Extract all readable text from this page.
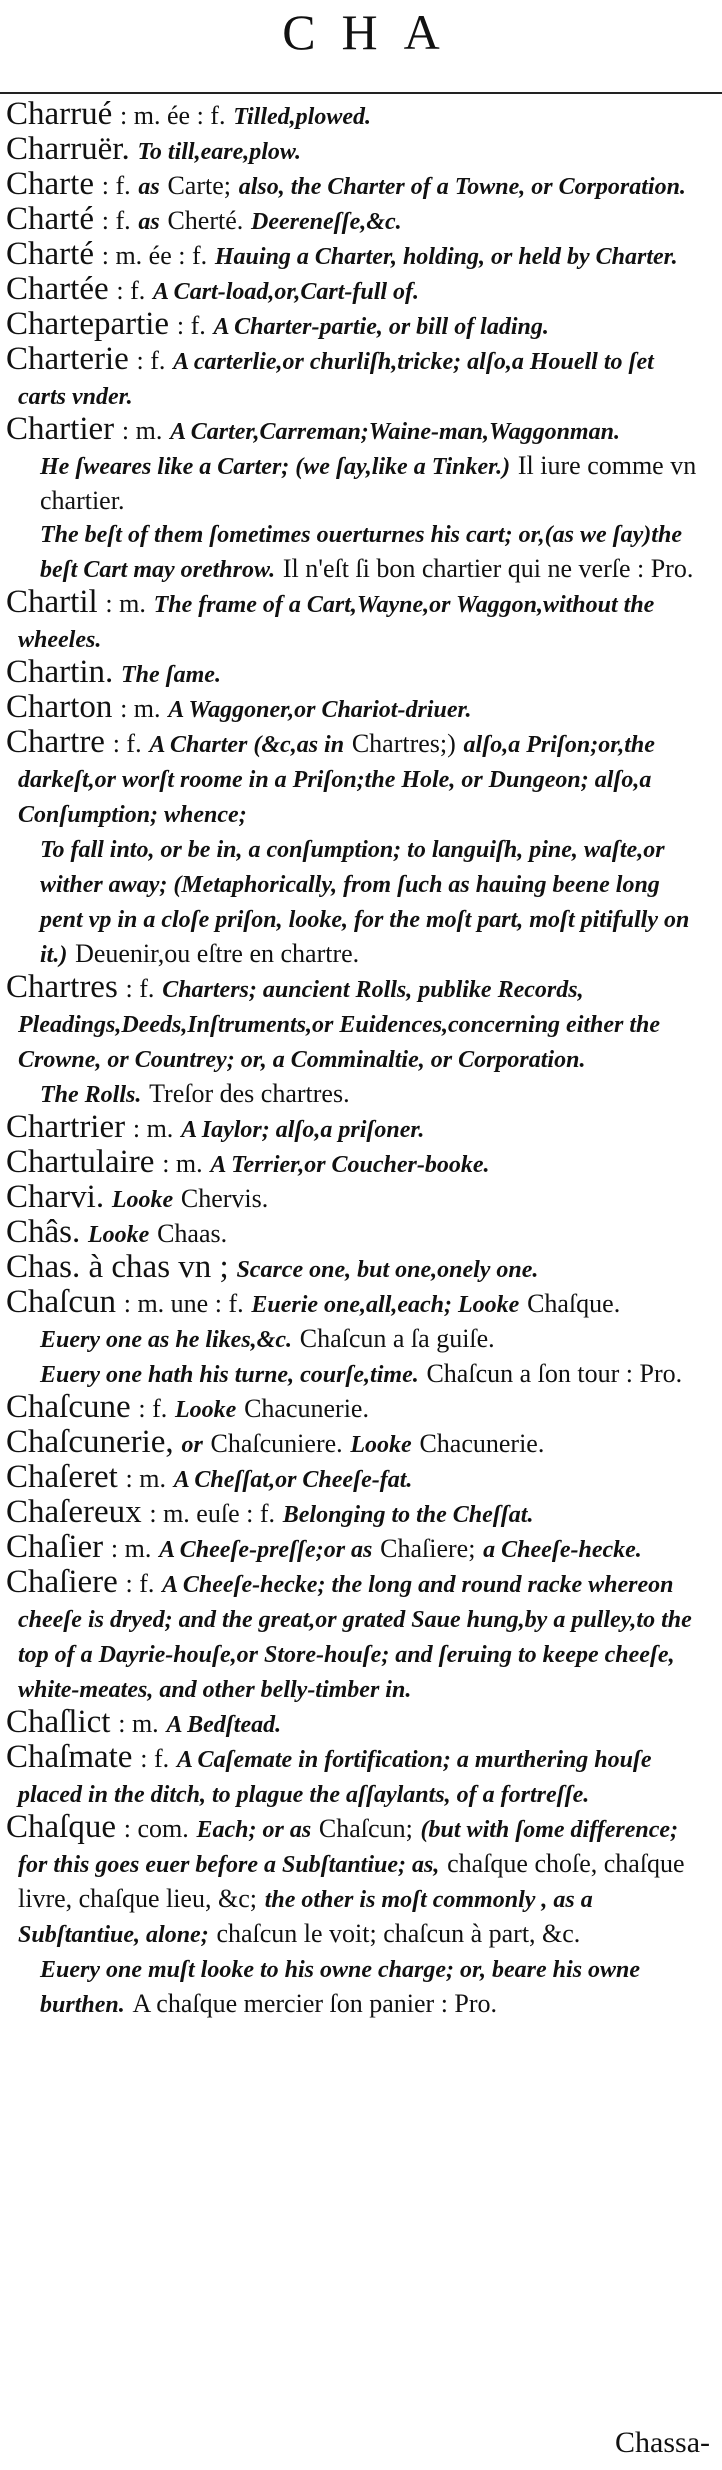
CHA

Charrué : m. ée : f. Tilled,plowed.

Charruër. To till,eare,plow.

Charte : f. as Carte; also, the Charter of a Towne, or Corporation.

Charté : f. as Cherté. Deereneſſe,&c.

Charté : m. ée : f. Hauing a Charter, holding, or held by Charter.

Chartée : f. A Cart-load,or,Cart-full of.

Chartepartie : f. A Charter-partie, or bill of lading.

Charterie : f. A carterlie,or churliſh,tricke; alſo,a Houell to ſet carts vnder.

Chartier : m. A Carter,Carreman;Waine-man,Waggonman.

He ſweares like a Carter; (we ſay,like a Tinker.) Il iure comme vn chartier.

The beſt of them ſometimes ouerturnes his cart; or,(as we ſay)the beſt Cart may orethrow. Il n'eſt ſi bon chartier qui ne verſe : Pro.

Chartil : m. The frame of a Cart,Wayne,or Waggon,without the wheeles.

Chartin. The ſame.

Charton : m. A Waggoner,or Chariot-driuer.

Chartre : f. A Charter (&c,as in Chartres;) alſo,a Priſon;or,the darkeſt,or worſt roome in a Priſon;the Hole, or Dungeon; alſo,a Conſumption; whence;

To fall into, or be in, a conſumption; to languiſh, pine, waſte,or wither away; (Metaphorically, from ſuch as hauing beene long pent vp in a cloſe priſon, looke, for the moſt part, moſt pitifully on it.) Deuenir,ou eſtre en chartre.

Chartres : f. Charters; auncient Rolls, publike Records, Pleadings,Deeds,Inſtruments,or Euidences,concerning either the Crowne, or Countrey; or, a Comminaltie, or Corporation.

The Rolls. Treſor des chartres.

Chartrier : m. A Iaylor; alſo,a priſoner.

Chartulaire : m. A Terrier,or Coucher-booke.

Charvi. Looke Chervis.

Châs. Looke Chaas.

Chas. à chas vn ; Scarce one, but one,onely one.

Chaſcun : m. une : f. Euerie one,all,each; Looke Chaſque.

Euery one as he likes,&c. Chaſcun a ſa guiſe.

Euery one hath his turne, courſe,time. Chaſcun a ſon tour : Pro.

Chaſcune : f. Looke Chacunerie.

Chaſcunerie, or Chaſcuniere. Looke Chacunerie.

Chaſeret : m. A Cheſſat,or Cheeſe-fat.

Chaſereux : m. euſe : f. Belonging to the Cheſſat.

Chaſier : m. A Cheeſe-preſſe;or as Chaſiere; a Cheeſe-hecke.

Chaſiere : f. A Cheeſe-hecke; the long and round racke whereon cheeſe is dryed; and the great,or grated Saue hung,by a pulley,to the top of a Dayrie-houſe,or Store-houſe; and ſeruing to keepe cheeſe, white-meates, and other belly-timber in.

Chaſlict : m. A Bedſtead.

Chaſmate : f. A Caſemate in fortification; a murthering houſe placed in the ditch, to plague the aſſaylants, of a fortreſſe.

Chaſque : com. Each; or as Chaſcun; (but with ſome difference; for this goes euer before a Subſtantiue; as, chaſque choſe, chaſque livre, chaſque lieu, &c; the other is moſt commonly , as a Subſtantiue, alone; chaſcun le voit; chaſcun à part, &c.

Euery one muſt looke to his owne charge; or, beare his owne burthen. A chaſque mercier ſon panier : Pro.

Chassa-
